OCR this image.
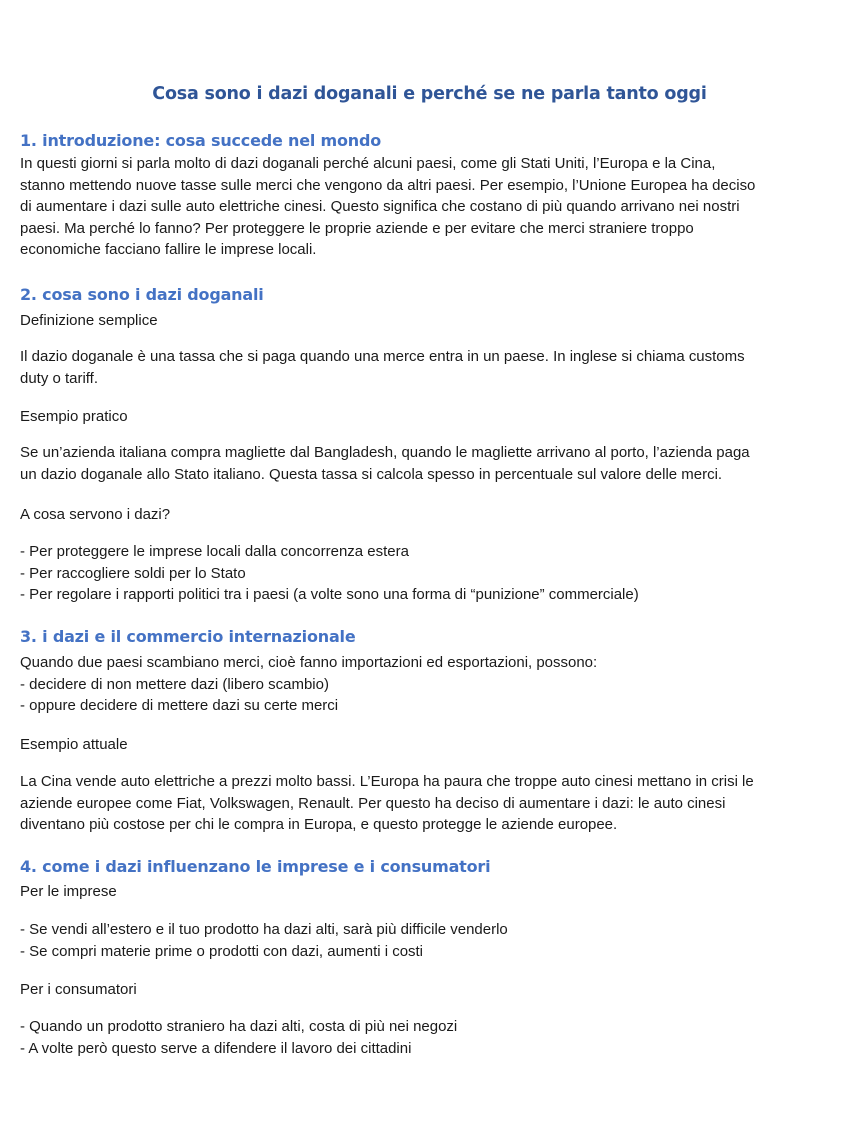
Cosa sono i dazi doganali e perché se ne parla tanto oggi
1. introduzione: cosa succede nel mondo
In questi giorni si parla molto di dazi doganali perché alcuni paesi, come gli Stati Uniti, l’Europa e la Cina,
stanno mettendo nuove tasse sulle merci che vengono da altri paesi. Per esempio, l’Unione Europea ha deciso
di aumentare i dazi sulle auto elettriche cinesi. Questo significa che costano di più quando arrivano nei nostri
paesi. Ma perché lo fanno? Per proteggere le proprie aziende e per evitare che merci straniere troppo
economiche facciano fallire le imprese locali.
2. cosa sono i dazi doganali
Definizione semplice
Il dazio doganale è una tassa che si paga quando una merce entra in un paese. In inglese si chiama customs
duty o tariff.
Esempio pratico
Se un’azienda italiana compra magliette dal Bangladesh, quando le magliette arrivano al porto, l’azienda paga
un dazio doganale allo Stato italiano. Questa tassa si calcola spesso in percentuale sul valore delle merci.
A cosa servono i dazi?
- Per proteggere le imprese locali dalla concorrenza estera
- Per raccogliere soldi per lo Stato
- Per regolare i rapporti politici tra i paesi (a volte sono una forma di “punizione” commerciale)
3. i dazi e il commercio internazionale
Quando due paesi scambiano merci, cioè fanno importazioni ed esportazioni, possono:
- decidere di non mettere dazi (libero scambio)
- oppure decidere di mettere dazi su certe merci
Esempio attuale
La Cina vende auto elettriche a prezzi molto bassi. L’Europa ha paura che troppe auto cinesi mettano in crisi le
aziende europee come Fiat, Volkswagen, Renault. Per questo ha deciso di aumentare i dazi: le auto cinesi
diventano più costose per chi le compra in Europa, e questo protegge le aziende europee.
4. come i dazi influenzano le imprese e i consumatori
Per le imprese
- Se vendi all’estero e il tuo prodotto ha dazi alti, sarà più difficile venderlo
- Se compri materie prime o prodotti con dazi, aumenti i costi
Per i consumatori
- Quando un prodotto straniero ha dazi alti, costa di più nei negozi
- A volte però questo serve a difendere il lavoro dei cittadini
